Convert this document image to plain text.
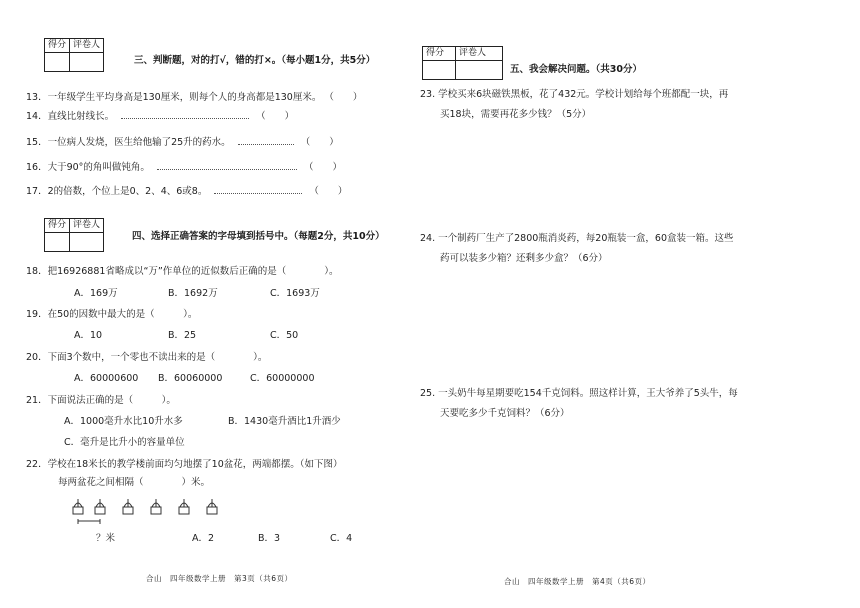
得分	评卷人

三、判断题，对的打√，错的打×。（每小题1分，共5分）
13．一年级学生平均身高是130厘米，则每个人的身高都是130厘米。 （　　）
14．直线比射线长。	（　　）
15．一位病人发烧，医生给他输了25升的药水。	（　　）
16．大于90°的角叫做钝角。	（　　）
17．2的倍数，个位上是0、2、4、6或8。	（　　）
得分	评卷人

四、选择正确答案的字母填到括号中。（每题2分，共10分）
18．把16926881省略成以“万”作单位的近似数后正确的是（　　　　）。
A．169万	B．1692万	C．1693万
19．在50的因数中最大的是（　　　）。
A．10	B．25	C．50
20．下面3个数中，一个零也不读出来的是（　　　　）。
A．60000600 B．60060000	C．60000000
21．下面说法正确的是（　　　）。
A．1000毫升水比10升水多	B．1430毫升酒比1升酒少
C．毫升是比升小的容量单位
22．学校在18米长的教学楼前面均匀地摆了10盆花，两端都摆。（如下图）
每两盆花之间相隔（　　　　）米。
？米	A．2	B．3	C．4
合山　四年级数学上册　第3页（共6页）
得分	评卷人

五、我会解决问题。（共30分）
23. 学校买来6块磁铁黑板，花了432元。学校计划给每个班都配一块，再
买18块，需要再花多少钱？（5分）
24. 一个制药厂生产了2800瓶消炎药，每20瓶装一盒，60盒装一箱。这些
药可以装多少箱？还剩多少盒？（6分）
25. 一头奶牛每星期要吃154千克饲料。照这样计算，王大爷养了5头牛，每
天要吃多少千克饲料？（6分）
合山　四年级数学上册　第4页（共6页）
